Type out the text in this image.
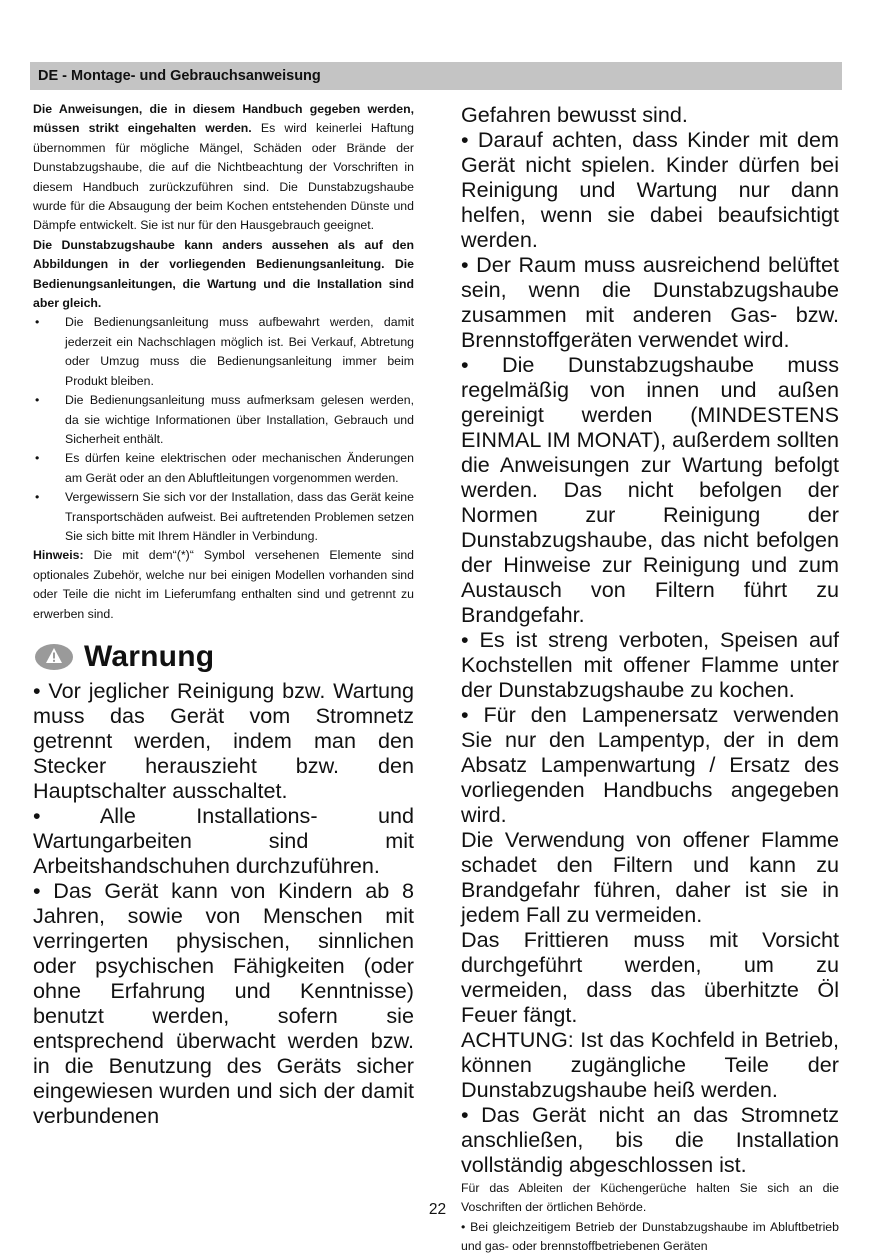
DE - Montage- und Gebrauchsanweisung

Die Anweisungen, die in diesem Handbuch gegeben werden, müssen strikt eingehalten werden. Es wird keinerlei Haftung übernommen für mögliche Mängel, Schäden oder Brände der Dunstabzugshaube, die auf die Nichtbeachtung der Vorschriften in diesem Handbuch zurückzuführen sind. Die Dunstabzugshaube wurde für die Absaugung der beim Kochen entstehenden Dünste und Dämpfe entwickelt. Sie ist nur für den Hausgebrauch geeignet.

Die Dunstabzugshaube kann anders aussehen als auf den Abbildungen in der vorliegenden Bedienungsanleitung. Die Bedienungsanleitungen, die Wartung und die Installation sind aber gleich.

• Die Bedienungsanleitung muss aufbewahrt werden, damit jederzeit ein Nachschlagen möglich ist. Bei Verkauf, Abtretung oder Umzug muss die Bedienungsanleitung immer beim Produkt bleiben.
• Die Bedienungsanleitung muss aufmerksam gelesen werden, da sie wichtige Informationen über Installation, Gebrauch und Sicherheit enthält.
• Es dürfen keine elektrischen oder mechanischen Änderungen am Gerät oder an den Abluftleitungen vorgenommen werden.
• Vergewissern Sie sich vor der Installation, dass das Gerät keine Transportschäden aufweist. Bei auftretenden Problemen setzen Sie sich bitte mit Ihrem Händler in Verbindung.

Hinweis: Die mit dem“(*)“ Symbol versehenen Elemente sind optionales Zubehör, welche nur bei einigen Modellen vorhanden sind oder Teile die nicht im Lieferumfang enthalten sind und getrennt zu erwerben sind.

Warnung

• Vor jeglicher Reinigung bzw. Wartung muss das Gerät vom Stromnetz getrennt werden, indem man den Stecker herauszieht bzw. den Hauptschalter ausschaltet.

• Alle Installations- und Wartungarbeiten sind mit Arbeitshandschuhen durchzuführen.

• Das Gerät kann von Kindern ab 8 Jahren, sowie von Menschen mit verringerten physischen, sinnlichen oder psychischen Fähigkeiten (oder ohne Erfahrung und Kenntnisse) benutzt werden, sofern sie entsprechend überwacht werden bzw. in die Benutzung des Geräts sicher eingewiesen wurden und sich der damit verbundenen

Gefahren bewusst sind.

• Darauf achten, dass Kinder mit dem Gerät nicht spielen. Kinder dürfen bei Reinigung und Wartung nur dann helfen, wenn sie dabei beaufsichtigt werden.

• Der Raum muss ausreichend belüftet sein, wenn die Dunstabzugshaube zusammen mit anderen Gas- bzw. Brennstoffgeräten verwendet wird.

• Die Dunstabzugshaube muss regelmäßig von innen und außen gereinigt werden (MINDESTENS EINMAL IM MONAT), außerdem sollten die Anweisungen zur Wartung befolgt werden. Das nicht befolgen der Normen zur Reinigung der Dunstabzugshaube, das nicht befolgen der Hinweise zur Reinigung und zum Austausch von Filtern führt zu Brandgefahr.

• Es ist streng verboten, Speisen auf Kochstellen mit offener Flamme unter der Dunstabzugshaube zu kochen.

• Für den Lampenersatz verwenden Sie nur den Lampentyp, der in dem Absatz Lampenwartung / Ersatz des vorliegenden Handbuchs angegeben wird.

Die Verwendung von offener Flamme schadet den Filtern und kann zu Brandgefahr führen, daher ist sie in jedem Fall zu vermeiden.

Das Frittieren muss mit Vorsicht durchgeführt werden, um zu vermeiden, dass das überhitzte Öl Feuer fängt.

ACHTUNG: Ist das Kochfeld in Betrieb, können zugängliche Teile der Dunstabzugshaube heiß werden.

• Das Gerät nicht an das Stromnetz anschließen, bis die Installation vollständig abgeschlossen ist.

Für das Ableiten der Küchengerüche halten Sie sich an die Voschriften der örtlichen Behörde.

• Bei gleichzeitigem Betrieb der Dunstabzugshaube im Abluftbetrieb und gas- oder brennstoffbetriebenen Geräten

22
